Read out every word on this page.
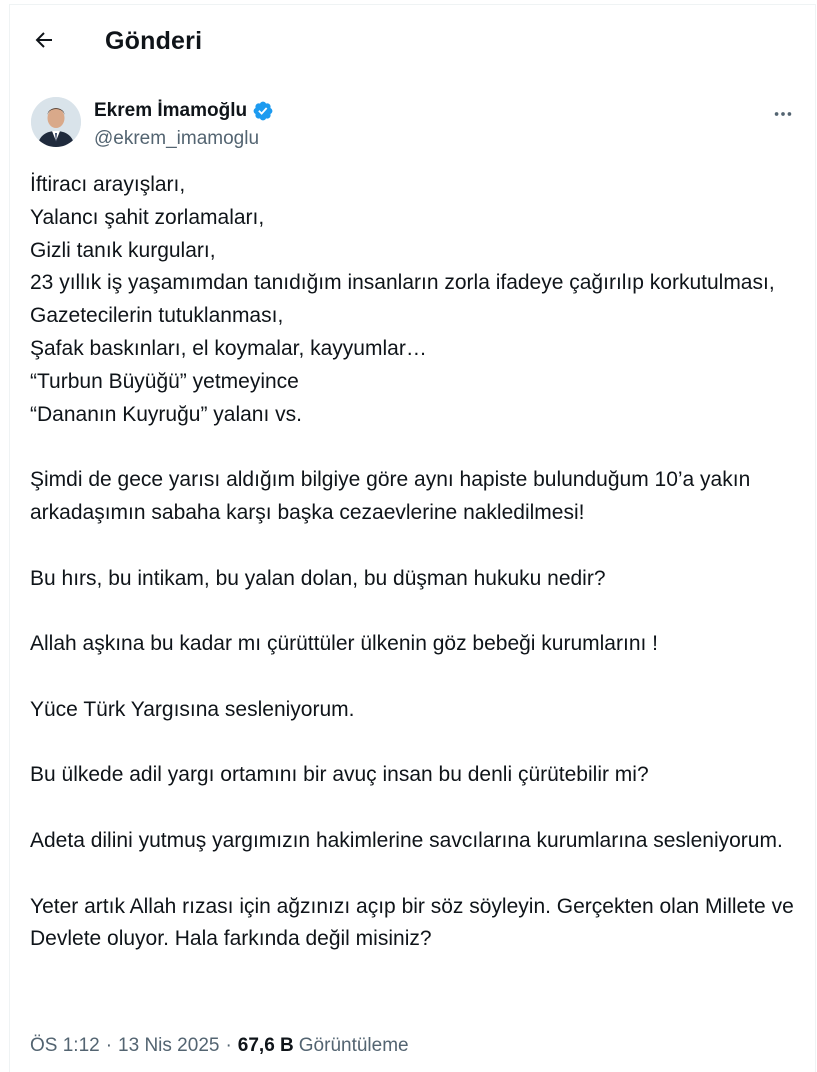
Gönderi
Ekrem İmamoğlu
@ekrem_imamoglu
İftiracı arayışları,
Yalancı şahit zorlamaları,
Gizli tanık kurguları,
23 yıllık iş yaşamımdan tanıdığım insanların zorla ifadeye çağırılıp korkutulması,
Gazetecilerin tutuklanması,
Şafak baskınları, el koymalar, kayyumlar…
“Turbun Büyüğü” yetmeyince
“Dananın Kuyruğu” yalanı vs.
Şimdi de gece yarısı aldığım bilgiye göre aynı hapiste bulunduğum 10’a yakın arkadaşımın sabaha karşı başka cezaevlerine nakledilmesi!
Bu hırs, bu intikam, bu yalan dolan, bu düşman hukuku nedir?
Allah aşkına bu kadar mı çürüttüler ülkenin göz bebeği kurumlarını !
Yüce Türk Yargısına sesleniyorum.
Bu ülkede adil yargı ortamını bir avuç insan bu denli çürütebilir mi?
Adeta dilini yutmuş yargımızın hakimlerine savcılarına kurumlarına sesleniyorum.
Yeter artık Allah rızası için ağzınızı açıp bir söz söyleyin. Gerçekten olan Millete ve Devlete oluyor. Hala farkında değil misiniz?
ÖS 1:12 · 13 Nis 2025 · 67,6 B Görüntüleme
